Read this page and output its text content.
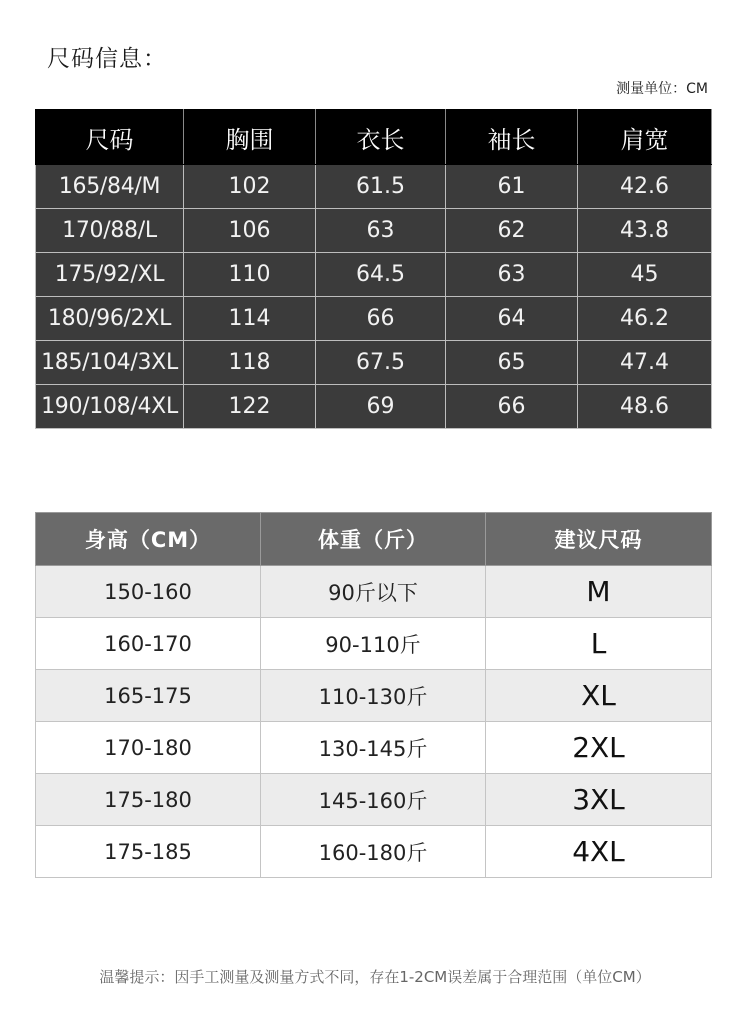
尺码信息：
测量单位：CM
尺码	胸围	衣长	袖长	肩宽
165/84/M	102	61.5	61	42.6
170/88/L	106	63	62	43.8
175/92/XL	110	64.5	63	45
180/96/2XL	114	66	64	46.2
185/104/3XL	118	67.5	65	47.4
190/108/4XL	122	69	66	48.6
身高（CM）	体重（斤）	建议尺码
150-160	90斤以下	M
160-170	90-110斤	L
165-175	110-130斤	XL
170-180	130-145斤	2XL
175-180	145-160斤	3XL
175-185	160-180斤	4XL
温馨提示：因手工测量及测量方式不同，存在1-2CM误差属于合理范围（单位CM）
